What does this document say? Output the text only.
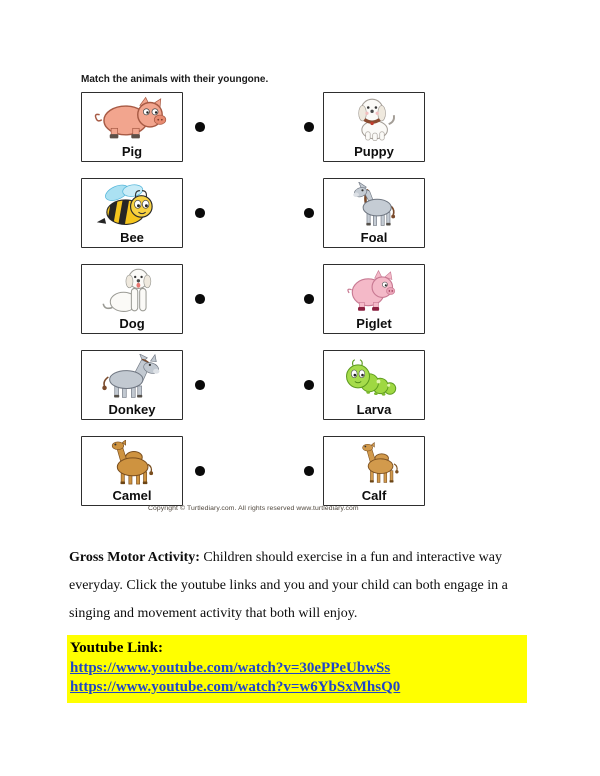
Match the animals with their youngone.
Pig	Puppy
Bee	Foal
Dog	Piglet
Donkey	Larva
Camel	Calf
Copyright © Turtlediary.com. All rights reserved www.turtlediary.com
Gross Motor Activity: Children should exercise in a fun and interactive way
everyday. Click the youtube links and you and your child can both engage in a
singing and movement activity that both will enjoy.
Youtube Link:
https://www.youtube.com/watch?v=30ePPeUbwSs
https://www.youtube.com/watch?v=w6YbSxMhsQ0
